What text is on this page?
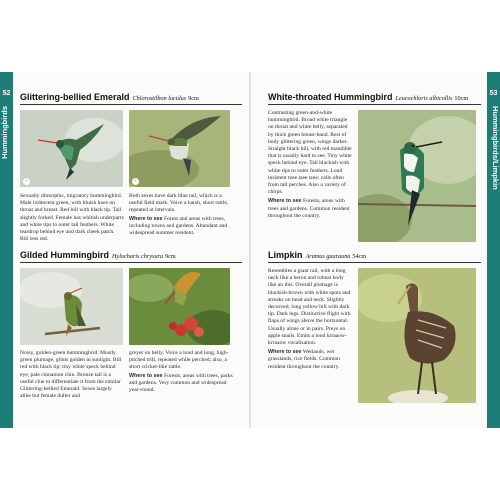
52
Hummingbirds
53
Hummingbirds/Limpkin
Glittering-bellied Emerald Chlorostilbon lucidus 9cm
♂	♀

Sexually dimorphic, migratory hummingbird. Male iridescent green, with bluish hues on throat and breast. Red bill with black tip. Tail slightly forked. Female has whitish underparts and white tips to outer tail feathers. White teardrop behind eye and dark cheek patch. Bill less red.

Both sexes have dark blue tail, which is a useful field mark. Voice a harsh, short rattle, repeated at intervals.

Where to see Forest and areas with trees, including towns and gardens. Abundant and widespread summer resident.

Gilded Hummingbird Hylocharis chrysura 9cm

Noisy, golden-green hummingbird. Mostly green plumage, glints golden in sunlight. Bill red with black tip; tiny white speck behind eye, pale cinnamon chin. Bronze tail is a useful clue to differentiate it from the similar Glittering-bellied Emerald. Sexes largely alike but female duller and

greyer on belly. Voice a loud and long, high-pitched trill, repeated while perched; also, a short cricket-like rattle.

Where to see Forests, areas with trees, parks and gardens. Very common and widespread year-round.

White-throated Hummingbird Leucochloris albicollis 10cm

Contrasting green-and-white hummingbird. Broad white triangle on throat and white belly, separated by thick green breast-band. Rest of body glittering green, wings darker. Straight black bill, with red mandible that is usually hard to see. Tiny white speck behind eye. Tail blackish with white tips to outer feathers. Loud insistent tzee tzee tzee; calls often from tall perches. Also a variety of chirps.

Where to see Forests, areas with trees and gardens. Common resident throughout the country.

Limpkin Aramus guarauna 54cm

Resembles a giant rail, with a long neck like a heron and robust body like an ibis. Overall plumage is blackish-brown with white spots and streaks on head and neck. Slightly decurved, long yellow bill with dark tip. Dark legs. Distinctive flight with flaps of wings above the horizontal. Usually alone or in pairs. Preys on apple snails. Emits a loud krraaow-krraaow vocalisation.

Where to see Wetlands, wet grasslands, rice fields. Common resident throughout the country.
